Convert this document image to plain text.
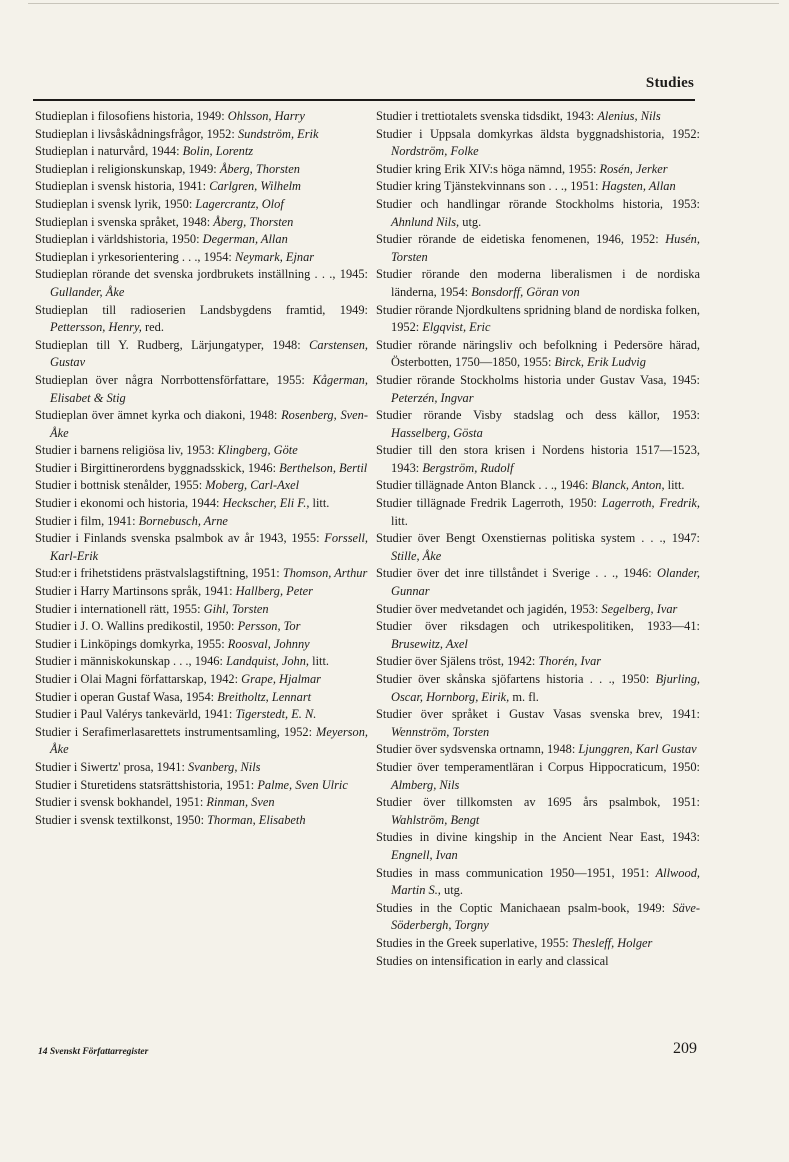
Studies
Studieplan i filosofiens historia, 1949: Ohlsson, Harry
Studieplan i livsåskådningsfrågor, 1952: Sundström, Erik
Studieplan i naturvård, 1944: Bolin, Lorentz
Studieplan i religionskunskap, 1949: Åberg, Thorsten
Studieplan i svensk historia, 1941: Carlgren, Wilhelm
Studieplan i svensk lyrik, 1950: Lagercrantz, Olof
Studieplan i svenska språket, 1948: Åberg, Thorsten
Studieplan i världshistoria, 1950: Degerman, Allan
Studieplan i yrkesorientering . . ., 1954: Neymark, Ejnar
Studieplan rörande det svenska jordbrukets inställning . . ., 1945: Gullander, Åke
Studieplan till radioserien Landsbygdens framtid, 1949: Pettersson, Henry, red.
Studieplan till Y. Rudberg, Lärjungatyper, 1948: Carstensen, Gustav
Studieplan över några Norrbottensförfattare, 1955: Kågerman, Elisabet & Stig
Studieplan över ämnet kyrka och diakoni, 1948: Rosenberg, Sven-Åke
Studier i barnens religiösa liv, 1953: Klingberg, Göte
Studier i Birgittinerordens byggnadsskick, 1946: Berthelson, Bertil
Studier i bottnisk stenålder, 1955: Moberg, Carl-Axel
Studier i ekonomi och historia, 1944: Heckscher, Eli F., litt.
Studier i film, 1941: Bornebusch, Arne
Studier i Finlands svenska psalmbok av år 1943, 1955: Forssell, Karl-Erik
Stud:er i frihetstidens prästvalslagstiftning, 1951: Thomson, Arthur
Studier i Harry Martinsons språk, 1941: Hallberg, Peter
Studier i internationell rätt, 1955: Gihl, Torsten
Studier i J. O. Wallins predikostil, 1950: Persson, Tor
Studier i Linköpings domkyrka, 1955: Roosval, Johnny
Studier i människokunskap . . ., 1946: Landquist, John, litt.
Studier i Olai Magni författarskap, 1942: Grape, Hjalmar
Studier i operan Gustaf Wasa, 1954: Breitholtz, Lennart
Studier i Paul Valérys tankevärld, 1941: Tigerstedt, E. N.
Studier i Serafimerlasarettets instrumentsamling, 1952: Meyerson, Åke
Studier i Siwertz' prosa, 1941: Svanberg, Nils
Studier i Sturetidens statsrättshistoria, 1951: Palme, Sven Ulric
Studier i svensk bokhandel, 1951: Rinman, Sven
Studier i svensk textilkonst, 1950: Thorman, Elisabeth
Studier i trettiotalets svenska tidsdikt, 1943: Alenius, Nils
Studier i Uppsala domkyrkas äldsta byggnadshistoria, 1952: Nordström, Folke
Studier kring Erik XIV:s höga nämnd, 1955: Rosén, Jerker
Studier kring Tjänstekvinnans son . . ., 1951: Hagsten, Allan
Studier och handlingar rörande Stockholms historia, 1953: Ahnlund Nils, utg.
Studier rörande de eidetiska fenomenen, 1946, 1952: Husén, Torsten
Studier rörande den moderna liberalismen i de nordiska länderna, 1954: Bonsdorff, Göran von
Studier rörande Njordkultens spridning bland de nordiska folken, 1952: Elgqvist, Eric
Studier rörande näringsliv och befolkning i Pedersöre härad, Österbotten, 1750—1850, 1955: Birck, Erik Ludvig
Studier rörande Stockholms historia under Gustav Vasa, 1945: Peterzén, Ingvar
Studier rörande Visby stadslag och dess källor, 1953: Hasselberg, Gösta
Studier till den stora krisen i Nordens historia 1517—1523, 1943: Bergström, Rudolf
Studier tillägnade Anton Blanck . . ., 1946: Blanck, Anton, litt.
Studier tillägnade Fredrik Lagerroth, 1950: Lagerroth, Fredrik, litt.
Studier över Bengt Oxenstiernas politiska system . . ., 1947: Stille, Åke
Studier över det inre tillståndet i Sverige . . ., 1946: Olander, Gunnar
Studier över medvetandet och jagidén, 1953: Segelberg, Ivar
Studier över riksdagen och utrikespolitiken, 1933—41: Brusewitz, Axel
Studier över Själens tröst, 1942: Thorén, Ivar
Studier över skånska sjöfartens historia . . ., 1950: Bjurling, Oscar, Hornborg, Eirik, m. fl.
Studier över språket i Gustav Vasas svenska brev, 1941: Wennström, Torsten
Studier över sydsvenska ortnamn, 1948: Ljunggren, Karl Gustav
Studier över temperamentläran i Corpus Hippocraticum, 1950: Almberg, Nils
Studier över tillkomsten av 1695 års psalmbok, 1951: Wahlström, Bengt
Studies in divine kingship in the Ancient Near East, 1943: Engnell, Ivan
Studies in mass communication 1950—1951, 1951: Allwood, Martin S., utg.
Studies in the Coptic Manichaean psalm-book, 1949: Säve-Söderbergh, Torgny
Studies in the Greek superlative, 1955: Thesleff, Holger
Studies on intensification in early and classical
14 Svenskt Författarregister	209
